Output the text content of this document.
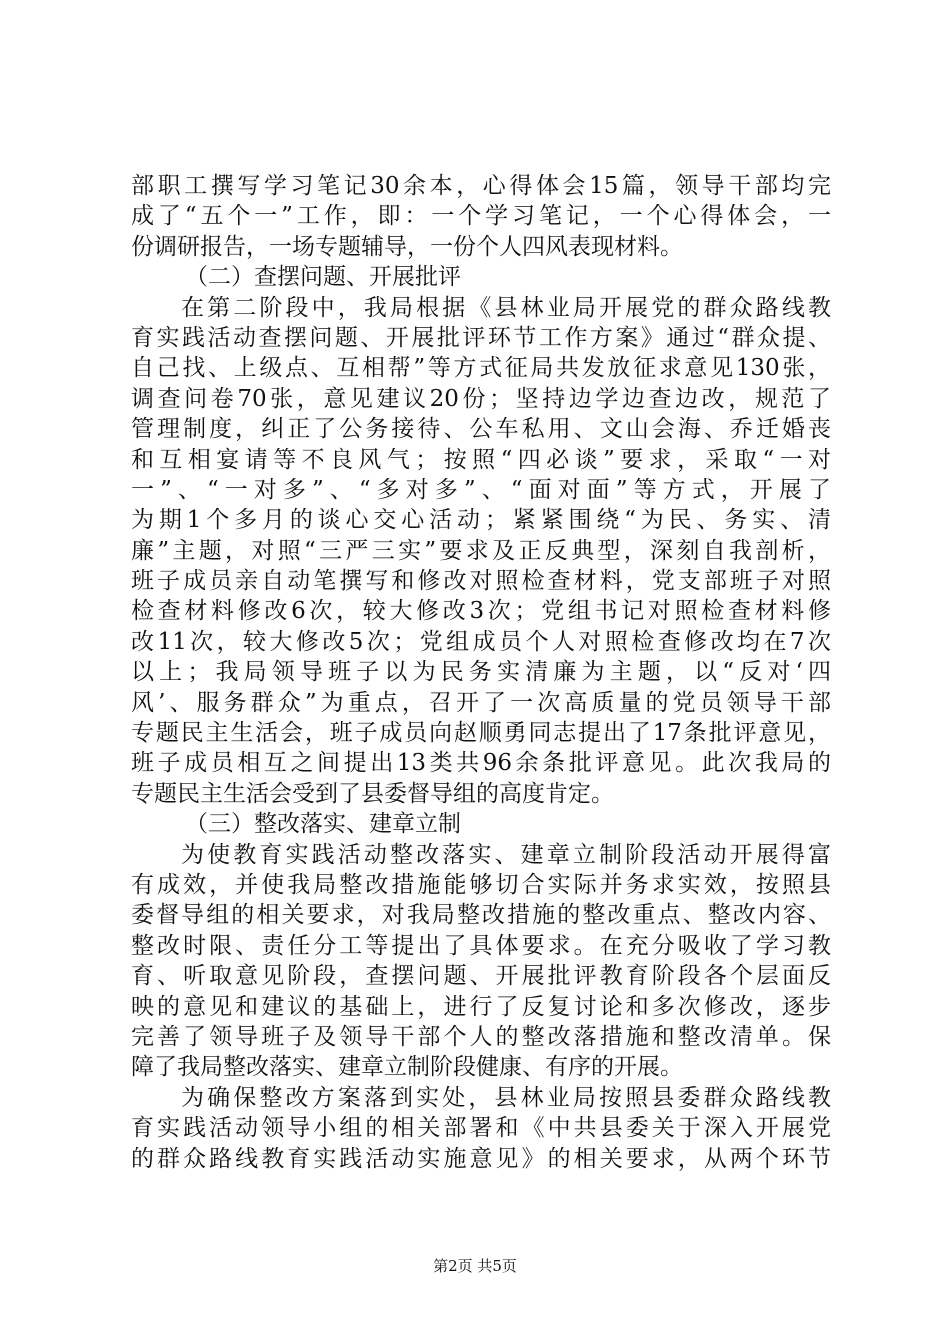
部职工撰写学习笔记30余本，心得体会15篇，领导干部均完
成了“五个一”工作，即：一个学习笔记，一个心得体会，一
份调研报告，一场专题辅导，一份个人四风表现材料。
（二）查摆问题、开展批评
在第二阶段中，我局根据《县林业局开展党的群众路线教
育实践活动查摆问题、开展批评环节工作方案》通过“群众提、
自己找、上级点、互相帮”等方式征局共发放征求意见130张，
调查问卷70张，意见建议20份；坚持边学边查边改，规范了
管理制度，纠正了公务接待、公车私用、文山会海、乔迁婚丧
和互相宴请等不良风气；按照“四必谈”要求，采取“一对
一”、“一对多”、“多对多”、“面对面”等方式，开展了
为期1个多月的谈心交心活动；紧紧围绕“为民、务实、清
廉”主题，对照“三严三实”要求及正反典型，深刻自我剖析，
班子成员亲自动笔撰写和修改对照检查材料，党支部班子对照
检查材料修改6次，较大修改3次；党组书记对照检查材料修
改11次，较大修改5次；党组成员个人对照检查修改均在7次
以上；我局领导班子以为民务实清廉为主题，以“反对‘四
风’、服务群众”为重点，召开了一次高质量的党员领导干部
专题民主生活会，班子成员向赵顺勇同志提出了17条批评意见，
班子成员相互之间提出13类共96余条批评意见。此次我局的
专题民主生活会受到了县委督导组的高度肯定。
（三）整改落实、建章立制
为使教育实践活动整改落实、建章立制阶段活动开展得富
有成效，并使我局整改措施能够切合实际并务求实效，按照县
委督导组的相关要求，对我局整改措施的整改重点、整改内容、
整改时限、责任分工等提出了具体要求。在充分吸收了学习教
育、听取意见阶段，查摆问题、开展批评教育阶段各个层面反
映的意见和建议的基础上，进行了反复讨论和多次修改，逐步
完善了领导班子及领导干部个人的整改落措施和整改清单。保
障了我局整改落实、建章立制阶段健康、有序的开展。
为确保整改方案落到实处，县林业局按照县委群众路线教
育实践活动领导小组的相关部署和《中共县委关于深入开展党
的群众路线教育实践活动实施意见》的相关要求，从两个环节
第2页 共5页
